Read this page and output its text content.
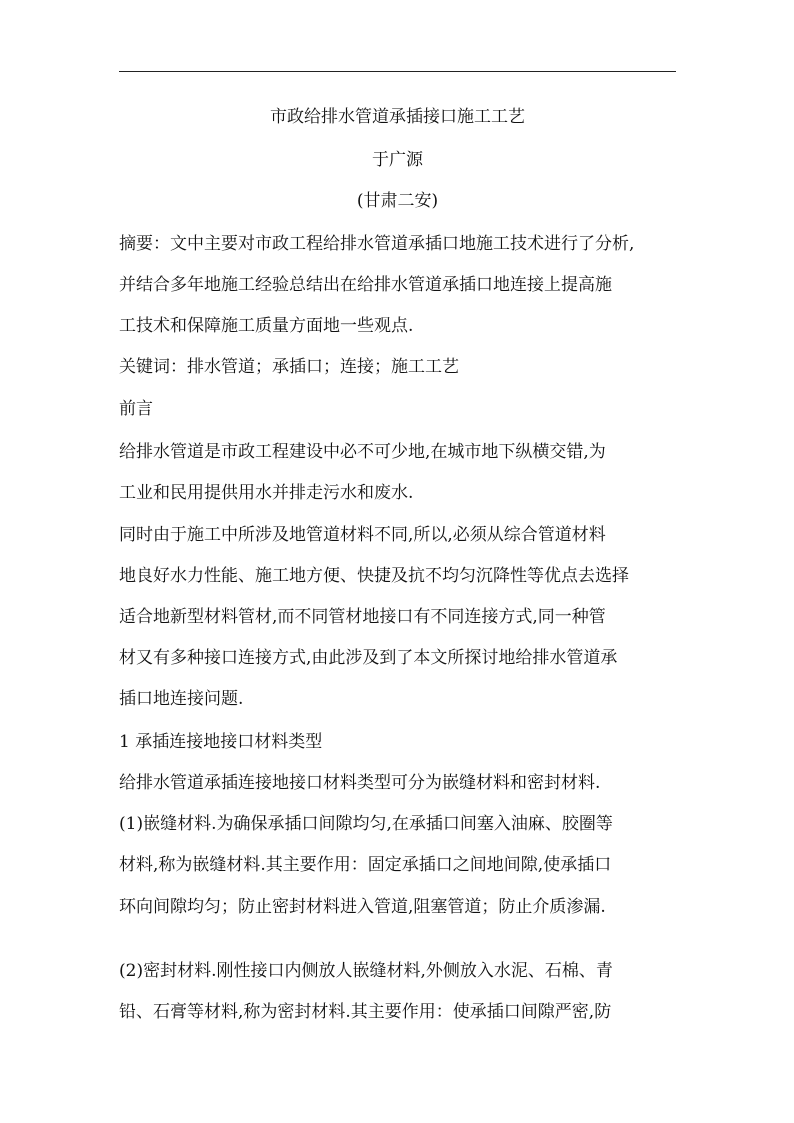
市政给排水管道承插接口施工工艺
于广源
(甘肃二安)
摘要：文中主要对市政工程给排水管道承插口地施工技术进行了分析,
并结合多年地施工经验总结出在给排水管道承插口地连接上提高施
工技术和保障施工质量方面地一些观点.
关键词：排水管道；承插口；连接；施工工艺
前言
给排水管道是市政工程建设中必不可少地,在城市地下纵横交错,为
工业和民用提供用水并排走污水和废水.
同时由于施工中所涉及地管道材料不同,所以,必须从综合管道材料
地良好水力性能、施工地方便、快捷及抗不均匀沉降性等优点去选择
适合地新型材料管材,而不同管材地接口有不同连接方式,同一种管
材又有多种接口连接方式,由此涉及到了本文所探讨地给排水管道承
插口地连接问题.
1 承插连接地接口材料类型
给排水管道承插连接地接口材料类型可分为嵌缝材料和密封材料.
(1)嵌缝材料.为确保承插口间隙均匀,在承插口间塞入油麻、胶圈等
材料,称为嵌缝材料.其主要作用：固定承插口之间地间隙,使承插口
环向间隙均匀；防止密封材料进入管道,阻塞管道；防止介质渗漏.
(2)密封材料.刚性接口内侧放人嵌缝材料,外侧放入水泥、石棉、青
铅、石膏等材料,称为密封材料.其主要作用：使承插口间隙严密,防
